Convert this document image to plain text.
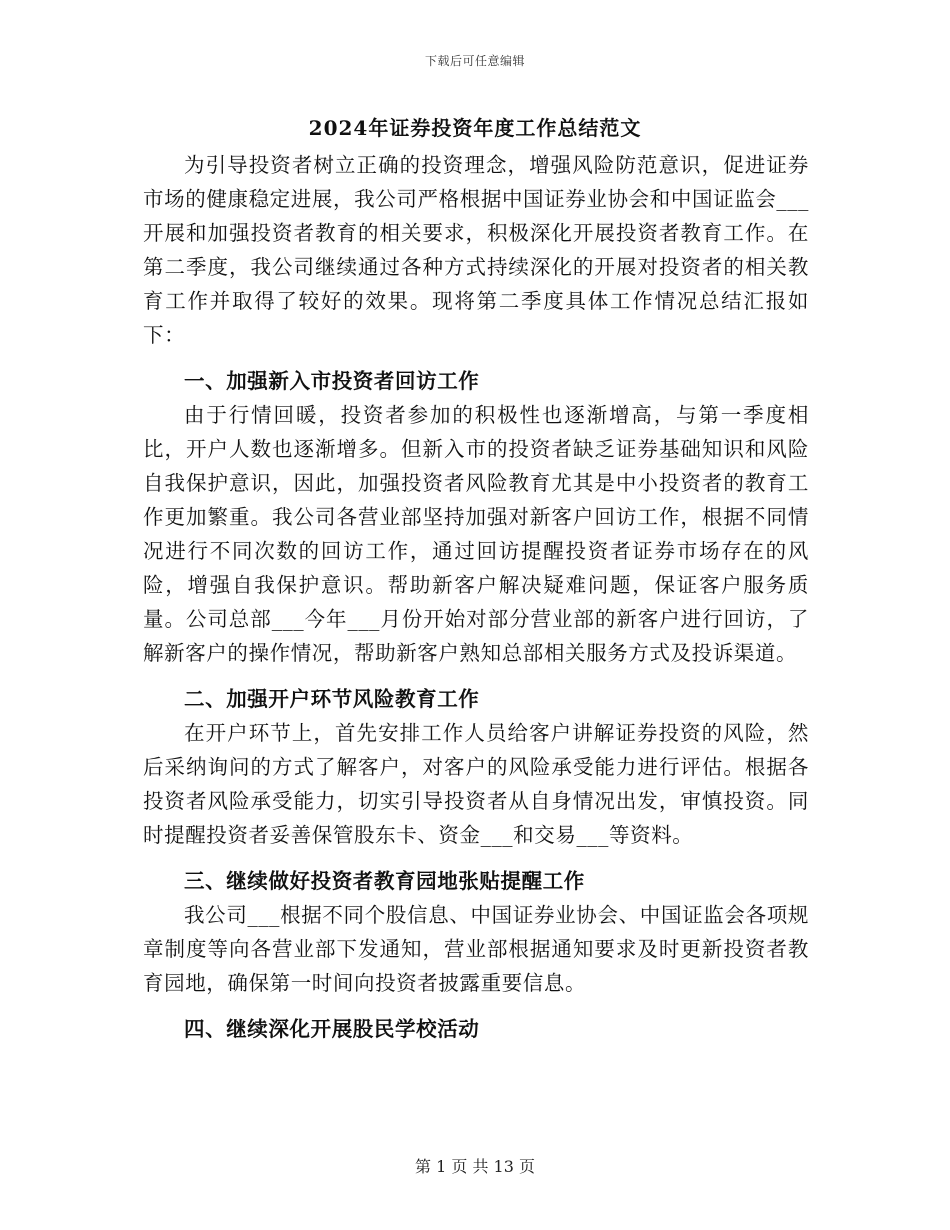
下载后可任意编辑
2024年证券投资年度工作总结范文

为引导投资者树立正确的投资理念，增强风险防范意识，促进证券市场的健康稳定进展，我公司严格根据中国证券业协会和中国证监会___开展和加强投资者教育的相关要求，积极深化开展投资者教育工作。在第二季度，我公司继续通过各种方式持续深化的开展对投资者的相关教育工作并取得了较好的效果。现将第二季度具体工作情况总结汇报如下：

一、加强新入市投资者回访工作

由于行情回暖，投资者参加的积极性也逐渐增高，与第一季度相比，开户人数也逐渐增多。但新入市的投资者缺乏证券基础知识和风险自我保护意识，因此，加强投资者风险教育尤其是中小投资者的教育工作更加繁重。我公司各营业部坚持加强对新客户回访工作，根据不同情况进行不同次数的回访工作，通过回访提醒投资者证券市场存在的风险，增强自我保护意识。帮助新客户解决疑难问题，保证客户服务质量。公司总部___今年___月份开始对部分营业部的新客户进行回访，了解新客户的操作情况，帮助新客户熟知总部相关服务方式及投诉渠道。

二、加强开户环节风险教育工作

在开户环节上，首先安排工作人员给客户讲解证券投资的风险，然后采纳询问的方式了解客户，对客户的风险承受能力进行评估。根据各投资者风险承受能力，切实引导投资者从自身情况出发，审慎投资。同时提醒投资者妥善保管股东卡、资金___和交易___等资料。

三、继续做好投资者教育园地张贴提醒工作

我公司___根据不同个股信息、中国证券业协会、中国证监会各项规章制度等向各营业部下发通知，营业部根据通知要求及时更新投资者教育园地，确保第一时间向投资者披露重要信息。

四、继续深化开展股民学校活动

第 1 页 共 13 页
